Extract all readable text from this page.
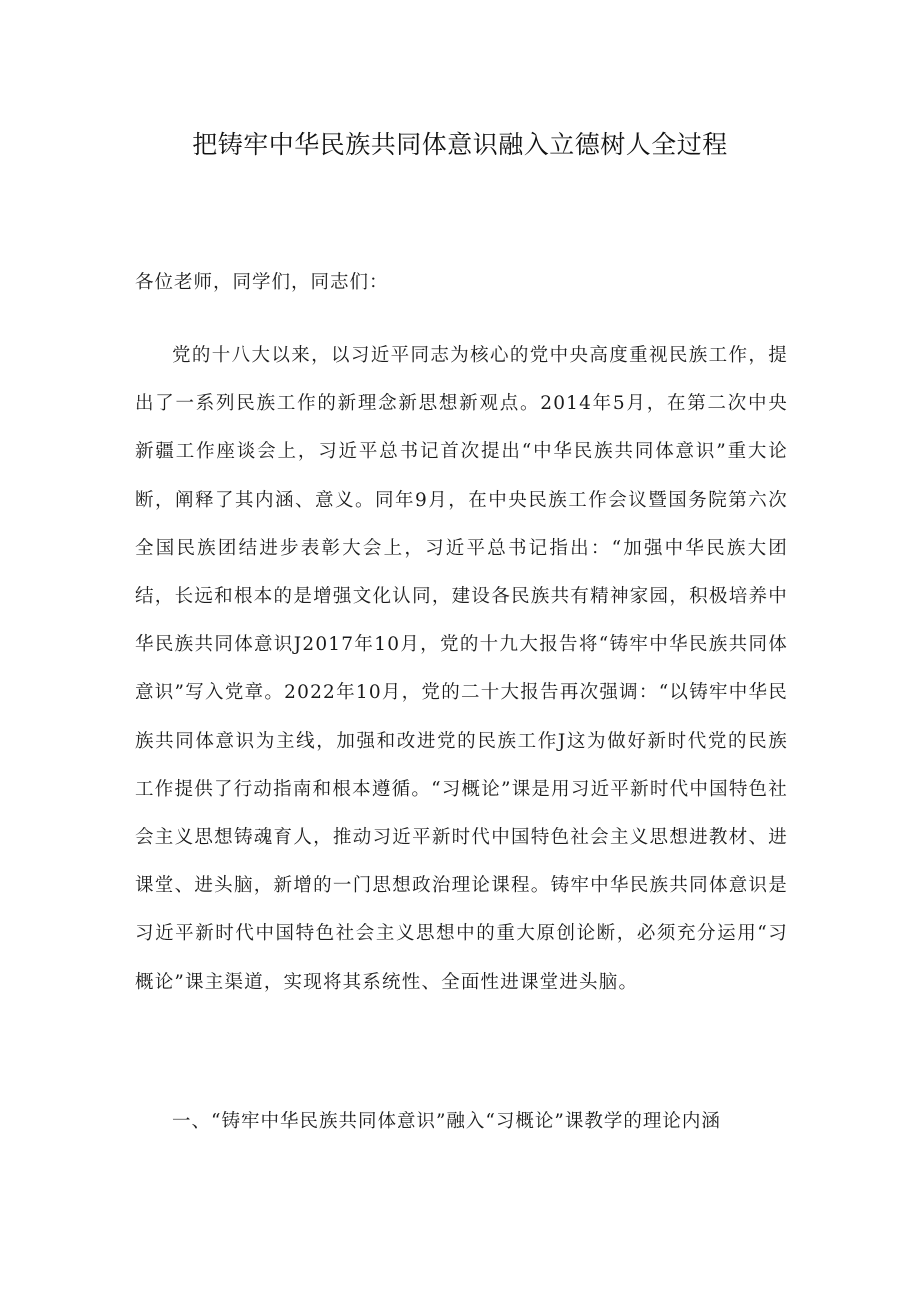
把铸牢中华民族共同体意识融入立德树人全过程
各位老师，同学们，同志们：
党的十八大以来，以习近平同志为核心的党中央高度重视民族工作，提出了一系列民族工作的新理念新思想新观点。2014年5月，在第二次中央新疆工作座谈会上，习近平总书记首次提出“中华民族共同体意识”重大论断，阐释了其内涵、意义。同年9月，在中央民族工作会议暨国务院第六次全国民族团结进步表彰大会上，习近平总书记指出：“加强中华民族大团结，长远和根本的是增强文化认同，建设各民族共有精神家园，积极培养中华民族共同体意识J2017年10月，党的十九大报告将“铸牢中华民族共同体意识”写入党章。2022年10月，党的二十大报告再次强调：“以铸牢中华民族共同体意识为主线，加强和改进党的民族工作J这为做好新时代党的民族工作提供了行动指南和根本遵循。“习概论”课是用习近平新时代中国特色社会主义思想铸魂育人，推动习近平新时代中国特色社会主义思想进教材、进课堂、进头脑，新增的一门思想政治理论课程。铸牢中华民族共同体意识是习近平新时代中国特色社会主义思想中的重大原创论断，必须充分运用“习概论”课主渠道，实现将其系统性、全面性进课堂进头脑。
一、“铸牢中华民族共同体意识”融入“习概论”课教学的理论内涵
